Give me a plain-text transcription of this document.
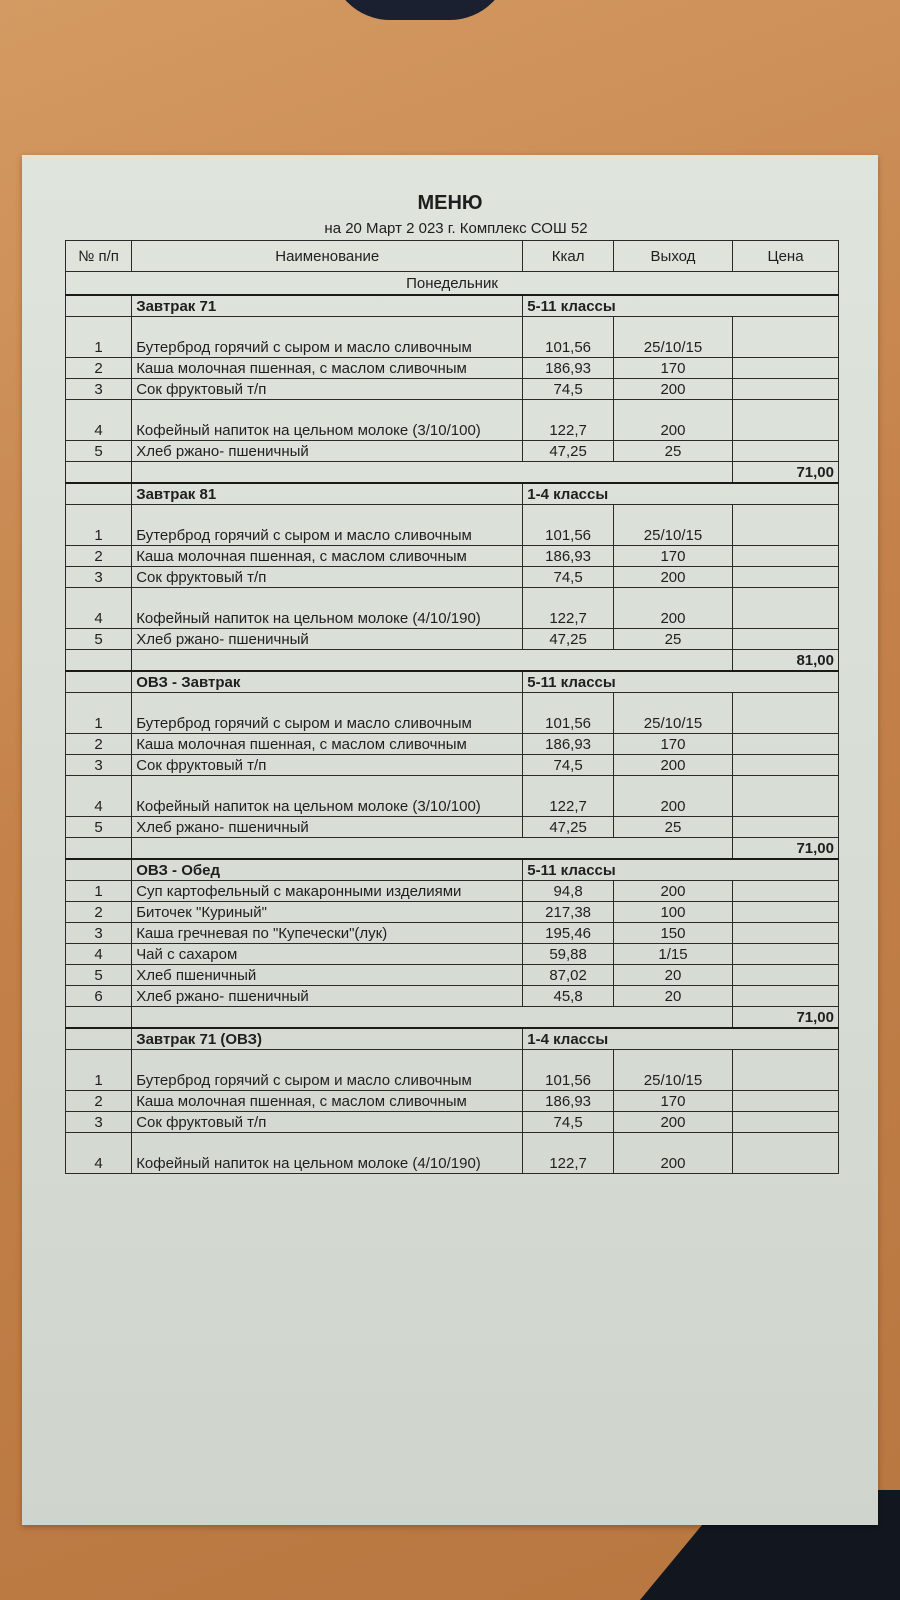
МЕНЮ
на 20 Март 2 023 г. Комплекс СОШ 52
№ п/п	Наименование	Ккал	Выход	Цена
Понедельник				
	Завтрак 71	5-11 классы		
1	Бутерброд горячий с сыром и масло сливочным	101,56	25/10/15	
2	Каша молочная пшенная, с маслом сливочным	186,93	170	
3	Сок фруктовый т/п	74,5	200	
4	Кофейный напиток на цельном молоке (3/10/100)	122,7	200	
5	Хлеб ржано- пшеничный	47,25	25	
				71,00
	Завтрак 81	1-4 классы		
1	Бутерброд горячий с сыром и масло сливочным	101,56	25/10/15	
2	Каша молочная пшенная, с маслом сливочным	186,93	170	
3	Сок фруктовый т/п	74,5	200	
4	Кофейный напиток на цельном молоке (4/10/190)	122,7	200	
5	Хлеб ржано- пшеничный	47,25	25	
				81,00
	ОВЗ - Завтрак	5-11 классы		
1	Бутерброд горячий с сыром и масло сливочным	101,56	25/10/15	
2	Каша молочная пшенная, с маслом сливочным	186,93	170	
3	Сок фруктовый т/п	74,5	200	
4	Кофейный напиток на цельном молоке (3/10/100)	122,7	200	
5	Хлеб ржано- пшеничный	47,25	25	
				71,00
	ОВЗ - Обед	5-11 классы		
1	Суп картофельный с макаронными изделиями	94,8	200	
2	Биточек "Куриный"	217,38	100	
3	Каша гречневая по "Купечески"(лук)	195,46	150	
4	Чай с сахаром	59,88	1/15	
5	Хлеб пшеничный	87,02	20	
6	Хлеб ржано- пшеничный	45,8	20	
				71,00
	Завтрак 71 (ОВЗ)	1-4 классы		
1	Бутерброд горячий с сыром и масло сливочным	101,56	25/10/15	
2	Каша молочная пшенная, с маслом сливочным	186,93	170	
3	Сок фруктовый т/п	74,5	200	
4	Кофейный напиток на цельном молоке (4/10/190)	122,7	200	
